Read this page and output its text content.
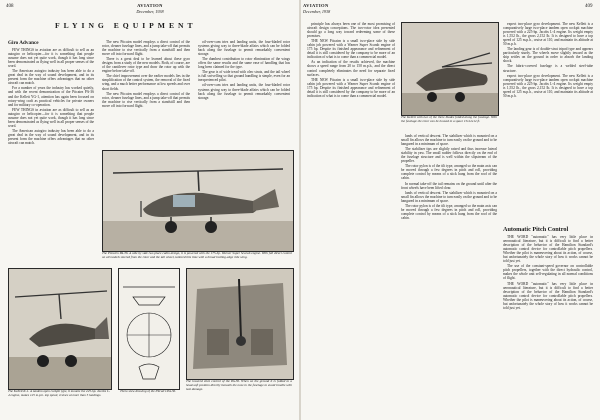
408	AVIATION
December, 1938
FLYING EQUIPMENT
Giro Advance

FEW THINGS in aviation are as difficult to sell as an autogiro or helicopter—for it is something that people assume does not yet quite work, though it has long since been demonstrated as flying well in all proper senses of the word.

The American autogiro industry has been able to do a great deal in the way of sound development, and in its present form the machine offers advantages that no other aircraft can match.

For a number of years the industry has worked quietly, and with the recent demonstration of the Pitcairn PA-36 and the Kellett YG-1, attention has again been focused on rotary-wing craft as practical vehicles for private owners and for military co-operation.

FEW THINGS in aviation are as difficult to sell as an autogiro or helicopter—for it is something that people assume does not yet quite work, though it has long since been demonstrated as flying well in all proper senses of the word.

The American autogiro industry has been able to do a great deal in the way of sound development, and in its present form the machine offers advantages that no other aircraft can match.

The new Pitcairn model employs a direct control of the rotor, cleaner fuselage lines, and a jump take-off that permits the machine to rise vertically from a standstill and then move off into forward flight.

There is a great deal to be learned about these gyro designs from a study of the new models. Both, of course, are of the cantilever rotor type and draw the rotor up with the engine before take-off.

The chief improvement over the earlier models lies in the simplification of the control system, the removal of the fixed wing, and a much better performance at low speeds and over short fields.

The new Pitcairn model employs a direct control of the rotor, cleaner fuselage lines, and a jump take-off that permits the machine to rise vertically from a standstill and then move off into forward flight.

oil-over-cam tries and landing units, the four-bladed rotor systems giving way to three-blade affairs which can be folded back along the fuselage to permit remarkably convenient storage.

The dumbest contribution to rotor elimination of the wings offers the same results and the same ease of handling that has long been claimed for the type.

The gear is of wide tread with oleo struts, and the tail wheel is full swivelling so that ground handling is simple, even for an inexperienced pilot.

oil-over-cam tries and landing units, the four-bladed rotor systems giving way to three-blade affairs which can be folded back along the fuselage to permit remarkably convenient storage.

The Pitcairn PA-36. A side by side two place cabin design, it is powered with the 175-hp. Warner Super Scarab engine. With full direct control on all models steered from the rotor and the tail wheel, tailored this time with a broad trailing-edge ride wing.
The Kellett K-1. A tandem open cockpit type, it mounts the 225-hp. Jacobs L-4 engine, makes 125 m.p.h. top speed, cruises at more than 5 landings.
Three-view drawing of the Pitcairn PA-36.
The lowered stick control of the PA-36. When on the ground it is folded to a head-soft position directly beneath the nose in the fuselage to avoid trouble with taxi damage.
AVIATION
December, 1938
409

principle has always been one of the most promising of aircraft design conceptions. The two-rotor idea presented should go a long way toward redeeming some of these promises.

THE NEW Pitcairn is a small two-place side by side cabin job powered with a Warner Super Scarab engine of 175 hp. Despite its finished appearance and refinement of detail it is still considered by the company to be more of an indication of what is to come than a commercial model.

As an indication of the results achieved, the machine shows a speed range from 20 to 150 m.p.h., and the direct control completely eliminates the need for separate fixed surfaces.

THE NEW Pitcairn is a small two-place side by side cabin job powered with a Warner Super Scarab engine of 175 hp. Despite its finished appearance and refinement of detail it is still considered by the company to be more of an indication of what is to come than a commercial model.

The Kellett with two of the three blades folded along the fuselage. With the fuselage the rotor can be housed in a space 15x12x12 ft.

lands of vertical descent. The stabilizer which is mounted on a small fin allows the machine to turn easily on the ground and to be hangared in a minimum of space.

The stabilizer tips are slightly raised and thus increase lateral stability in yaw. The small rudder follows directly on the end of the fuselage structure and is well within the slipstream of the propeller.

The rotor pylon is of the tilt type, arranged so the main axis can be moved through a few degrees in pitch and roll, providing complete control by means of a stick hung from the roof of the cabin.

In normal take-off the tail remains on the ground until after the front wheels have been lifted clear.

lands of vertical descent. The stabilizer which is mounted on a small fin allows the machine to turn easily on the ground and to be hangared in a minimum of space.

The rotor pylon is of the tilt type, arranged so the main axis can be moved through a few degrees in pitch and roll, providing complete control by means of a stick hung from the roof of the cabin.

expect two-place gyro development. The new Kellett is a comparatively large two-place tandem open cockpit machine powered with a 225-hp. Jacobs L-4 engine. Its weight empty is 1,552 lb., the gross 2,152 lb. It is designed to have a top speed of 125 m.p.h., cruise at 110, and maintain its altitude at 50 m.p.h.

The landing gear is of double-strut tripod type and appears particularly sturdy. The wheels move slightly inward as the ship settles on the ground in order to absorb the landing shock.

The fabric-covered fuselage is a welded steel-tube structure.

expect two-place gyro development. The new Kellett is a comparatively large two-place tandem open cockpit machine powered with a 225-hp. Jacobs L-4 engine. Its weight empty is 1,552 lb., the gross 2,152 lb. It is designed to have a top speed of 125 m.p.h., cruise at 110, and maintain its altitude at 50 m.p.h.

Automatic Pitch Control

THE WORD "automatic" has very little place in aeronautical literature, but it is difficult to find a better description of the behavior of the Hamilton Standard's automatic control device for controllable pitch propellers. Whether the pilot is maneuvering about its action, of course, but unfortunately the whole story of how it works cannot be told just yet.

The use of the constant-speed governor on controllable pitch propellers, together with the direct hydraulic control, makes the whole unit self-regulating in all normal conditions of flight.

THE WORD "automatic" has very little place in aeronautical literature, but it is difficult to find a better description of the behavior of the Hamilton Standard's automatic control device for controllable pitch propellers. Whether the pilot is maneuvering about its action, of course, but unfortunately the whole story of how it works cannot be told just yet.
